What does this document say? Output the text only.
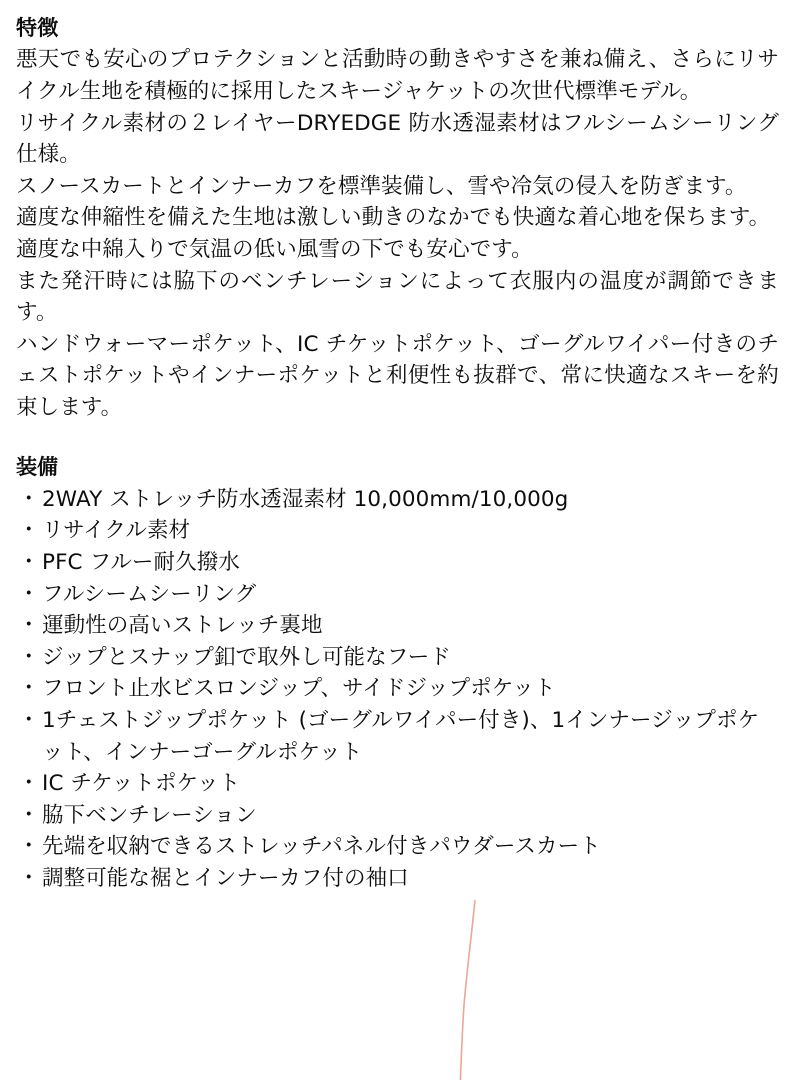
特徴

悪天でも安心のプロテクションと活動時の動きやすさを兼ね備え、さらにリサイクル生地を積極的に採用したスキージャケットの次世代標準モデル。

リサイクル素材の２レイヤーDRYEDGE 防水透湿素材はフルシームシーリング仕様。

スノースカートとインナーカフを標準装備し、雪や冷気の侵入を防ぎます。

適度な伸縮性を備えた生地は激しい動きのなかでも快適な着心地を保ちます。

適度な中綿入りで気温の低い風雪の下でも安心です。

また発汗時には脇下のベンチレーションによって衣服内の温度が調節できます。

ハンドウォーマーポケット、IC チケットポケット、ゴーグルワイパー付きのチェストポケットやインナーポケットと利便性も抜群で、常に快適なスキーを約束します。

装備
・ 2WAY ストレッチ防水透湿素材 10,000mm/10,000g
・ リサイクル素材
・ PFC フルー耐久撥水
・ フルシームシーリング
・ 運動性の高いストレッチ裏地
・ ジップとスナップ釦で取外し可能なフード
・ フロント止水ビスロンジップ、サイドジップポケット
・ 1チェストジップポケット (ゴーグルワイパー付き)、1インナージップポケット、インナーゴーグルポケット
・ IC チケットポケット
・ 脇下ベンチレーション
・ 先端を収納できるストレッチパネル付きパウダースカート
・ 調整可能な裾とインナーカフ付の袖口
